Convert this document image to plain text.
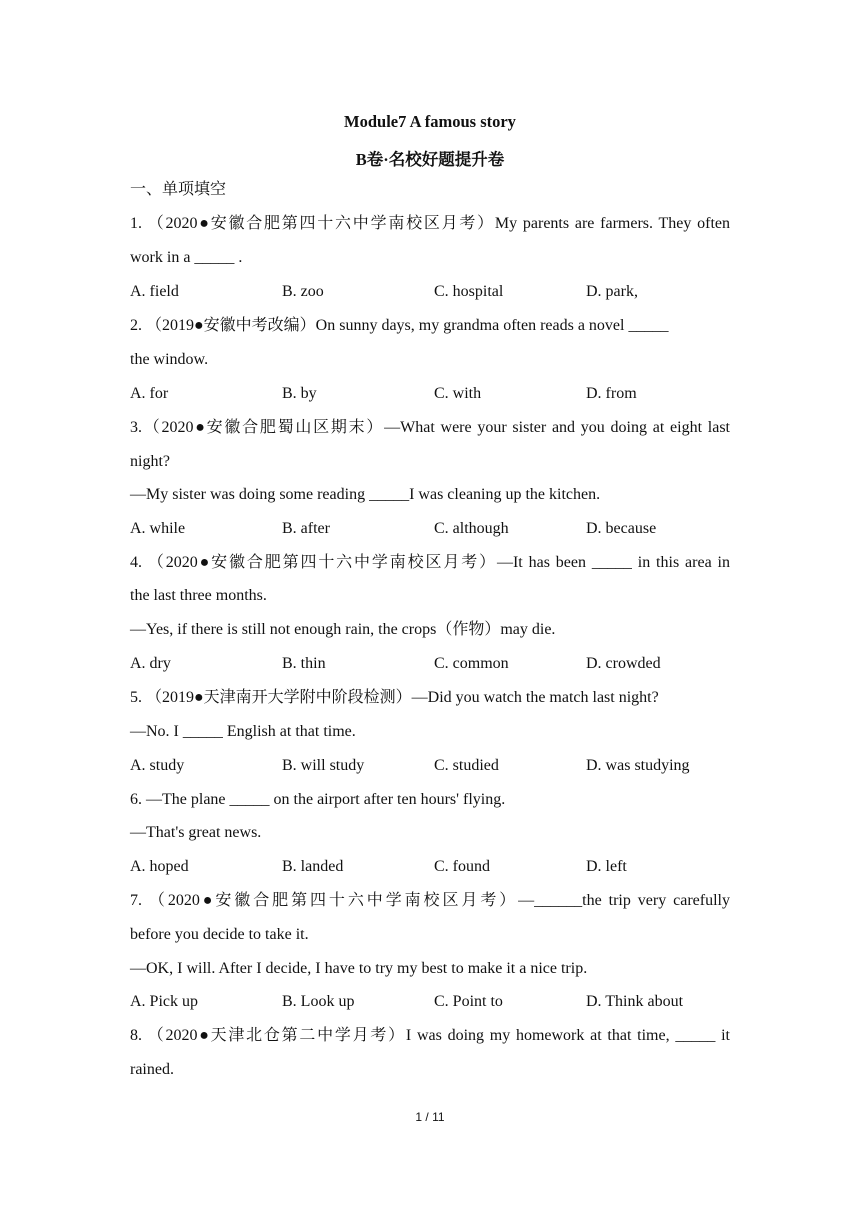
Module7 A famous story
B卷·名校好题提升卷
一、单项填空
1. （2020●安徽合肥第四十六中学南校区月考）My parents are farmers. They often
work in a _____ .
A. field	B. zoo	C. hospital	D. park,
2. （2019●安徽中考改编）On sunny days, my grandma often reads a novel _____
the window.
A. for	B. by	C. with	D. from
3.（2020●安徽合肥蜀山区期末）—What were your sister and you doing at eight last
night?
—My sister was doing some reading _____I was cleaning up the kitchen.
A. while	B. after	C. although	D. because
4. （2020●安徽合肥第四十六中学南校区月考）—It has been _____ in this area in
the last three months.
—Yes, if there is still not enough rain, the crops（作物）may die.
A. dry	B. thin	C. common	D. crowded
5. （2019●天津南开大学附中阶段检测）—Did you watch the match last night?
—No. I _____ English at that time.
A. study	B. will study	C. studied	D. was studying
6. —The plane _____ on the airport after ten hours' flying.
—That's great news.
A. hoped	B. landed	C. found	D. left
7. （2020●安徽合肥第四十六中学南校区月考）—______the trip very carefully
before you decide to take it.
—OK, I will. After I decide, I have to try my best to make it a nice trip.
A. Pick up	B. Look up	C. Point to	D. Think about
8. （2020●天津北仓第二中学月考）I was doing my homework at that time, _____ it
rained.
1 / 11
